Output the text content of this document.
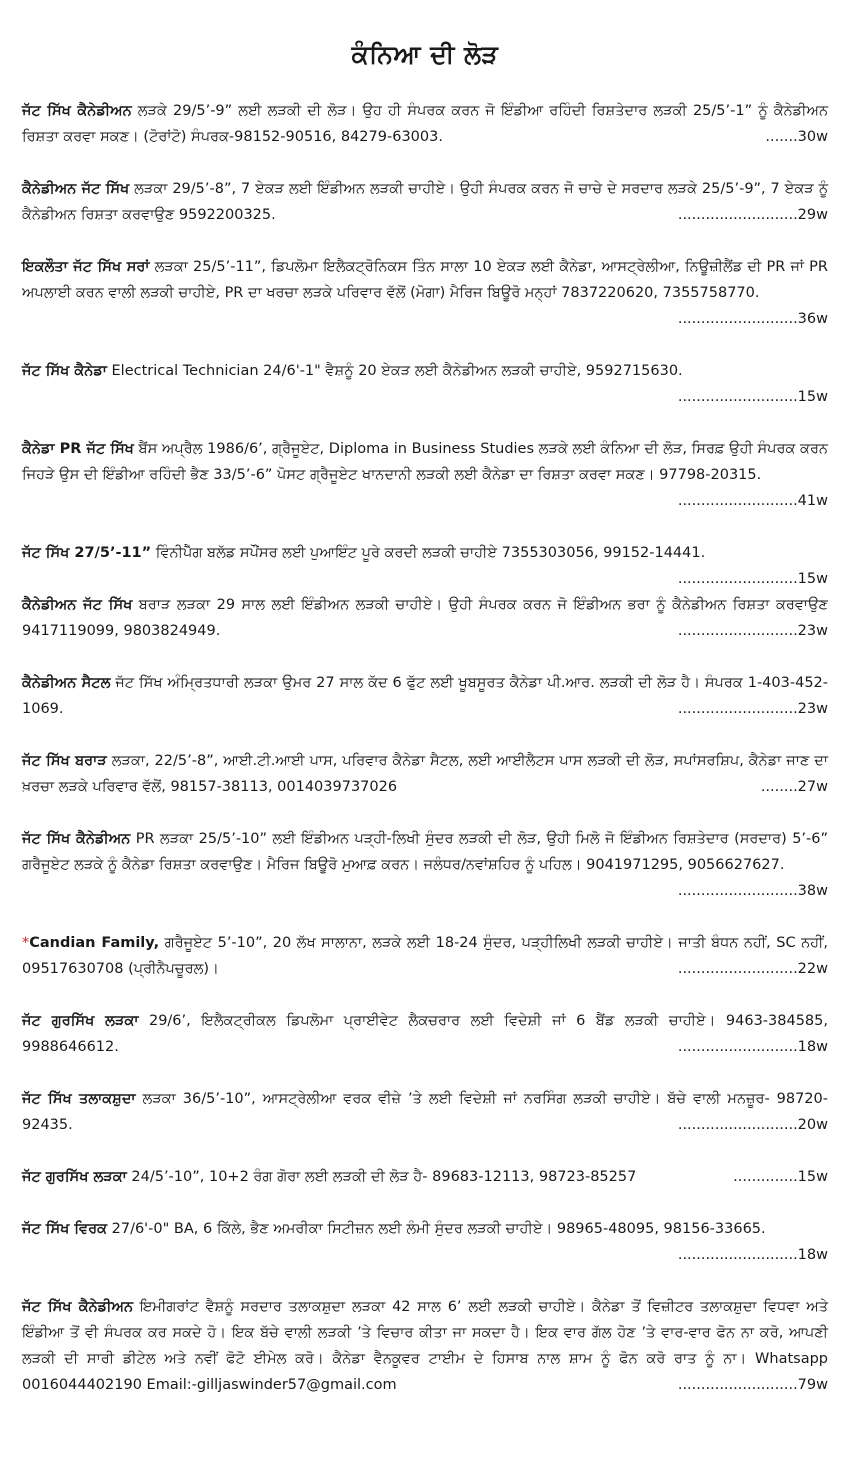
ਕੰਨਿਆ ਦੀ ਲੋੜ

ਜੱਟ ਸਿੱਖ ਕੈਨੇਡੀਅਨ ਲੜਕੇ 29/5’-9” ਲਈ ਲੜਕੀ ਦੀ ਲੋੜ। ਉਹ ਹੀ ਸੰਪਰਕ ਕਰਨ ਜੋ ਇੰਡੀਆ ਰਹਿੰਦੀ ਰਿਸ਼ਤੇਦਾਰ ਲੜਕੀ 25/5’-1” ਨੂੰ ਕੈਨੇਡੀਅਨ ਰਿਸ਼ਤਾ ਕਰਵਾ ਸਕਣ। (ਟੋਰਾਂਟੋ) ਸੰਪਰਕ-98152-90516, 84279-63003.	.......30w

ਕੈਨੇਡੀਅਨ ਜੱਟ ਸਿੱਖ ਲੜਕਾ 29/5’-8”, 7 ਏਕੜ ਲਈ ਇੰਡੀਅਨ ਲੜਕੀ ਚਾਹੀਏ। ਉਹੀ ਸੰਪਰਕ ਕਰਨ ਜੋ ਚਾਚੇ ਦੇ ਸਰਦਾਰ ਲੜਕੇ 25/5’-9”, 7 ਏਕੜ ਨੂੰ ਕੈਨੇਡੀਅਨ ਰਿਸ਼ਤਾ ਕਰਵਾਉਣ 9592200325.	..........................29w

ਇਕਲੌਤਾ ਜੱਟ ਸਿੱਖ ਸਰਾਂ ਲੜਕਾ 25/5’-11”, ਡਿਪਲੋਮਾ ਇਲੈਕਟ੍ਰੋਨਿਕਸ ਤਿੰਨ ਸਾਲਾ 10 ਏਕੜ ਲਈ ਕੈਨੇਡਾ, ਆਸਟ੍ਰੇਲੀਆ, ਨਿਊਜ਼ੀਲੈਂਡ ਦੀ PR ਜਾਂ PR ਅਪਲਾਈ ਕਰਨ ਵਾਲੀ ਲੜਕੀ ਚਾਹੀਏ, PR ਦਾ ਖਰਚਾ ਲੜਕੇ ਪਰਿਵਾਰ ਵੱਲੋਂ (ਮੋਗਾ) ਮੈਰਿਜ ਬਿਊਰੋ ਮਨ੍ਹਾਂ 7837220620, 7355758770.
..........................36w

ਜੱਟ ਸਿੱਖ ਕੈਨੇਡਾ Electrical Technician 24/6'-1" ਵੈਸ਼ਨੂੰ 20 ਏਕੜ ਲਈ ਕੈਨੇਡੀਅਨ ਲੜਕੀ ਚਾਹੀਏ, 9592715630.
..........................15w

ਕੈਨੇਡਾ PR ਜੱਟ ਸਿੱਖ ਬੈਂਸ ਅਪ੍ਰੈਲ 1986/6’, ਗ੍ਰੈਜੂਏਟ, Diploma in Business Studies ਲੜਕੇ ਲਈ ਕੰਨਿਆ ਦੀ ਲੋੜ, ਸਿਰਫ਼ ਉਹੀ ਸੰਪਰਕ ਕਰਨ ਜਿਹੜੇ ਉਸ ਦੀ ਇੰਡੀਆ ਰਹਿੰਦੀ ਭੈਣ 33/5’-6” ਪੋਸਟ ਗ੍ਰੈਜੂਏਟ ਖਾਨਦਾਨੀ ਲੜਕੀ ਲਈ ਕੈਨੇਡਾ ਦਾ ਰਿਸ਼ਤਾ ਕਰਵਾ ਸਕਣ। 97798-20315.
..........................41w

ਜੱਟ ਸਿੱਖ 27/5’-11” ਵਿੰਨੀਪੈੱਗ ਬਲੱਡ ਸਪੌਂਸਰ ਲਈ ਪੁਆਇੰਟ ਪੂਰੇ ਕਰਦੀ ਲੜਕੀ ਚਾਹੀਏ 7355303056, 99152-14441.
..........................15w

ਕੈਨੇਡੀਅਨ ਜੱਟ ਸਿੱਖ ਬਰਾੜ ਲੜਕਾ 29 ਸਾਲ ਲਈ ਇੰਡੀਅਨ ਲੜਕੀ ਚਾਹੀਏ। ਉਹੀ ਸੰਪਰਕ ਕਰਨ ਜੋ ਇੰਡੀਅਨ ਭਰਾ ਨੂੰ ਕੈਨੇਡੀਅਨ ਰਿਸ਼ਤਾ ਕਰਵਾਉਣ 9417119099, 9803824949.	..........................23w

ਕੈਨੇਡੀਅਨ ਸੈਟਲ ਜੱਟ ਸਿੱਖ ਅੰਮ੍ਰਿਤਧਾਰੀ ਲੜਕਾ ਉਮਰ 27 ਸਾਲ ਕੱਦ 6 ਫੁੱਟ ਲਈ ਖੂਬਸੂਰਤ ਕੈਨੇਡਾ ਪੀ.ਆਰ. ਲੜਕੀ ਦੀ ਲੋੜ ਹੈ। ਸੰਪਰਕ 1-403-452-1069.	..........................23w

ਜੱਟ ਸਿੱਖ ਬਰਾੜ ਲੜਕਾ, 22/5’-8”, ਆਈ.ਟੀ.ਆਈ ਪਾਸ, ਪਰਿਵਾਰ ਕੈਨੇਡਾ ਸੈਟਲ, ਲਈ ਆਈਲੈਟਸ ਪਾਸ ਲੜਕੀ ਦੀ ਲੋੜ, ਸਪਾਂਸਰਸ਼ਿਪ, ਕੈਨੇਡਾ ਜਾਣ ਦਾ ਖ਼ਰਚਾ ਲੜਕੇ ਪਰਿਵਾਰ ਵੱਲੋਂ, 98157-38113, 0014039737026	........27w

ਜੱਟ ਸਿੱਖ ਕੈਨੇਡੀਅਨ PR ਲੜਕਾ 25/5’-10” ਲਈ ਇੰਡੀਅਨ ਪੜ੍ਹੀ-ਲਿਖੀ ਸੁੰਦਰ ਲੜਕੀ ਦੀ ਲੋੜ, ਉਹੀ ਮਿਲੋ ਜੋ ਇੰਡੀਅਨ ਰਿਸ਼ਤੇਦਾਰ (ਸਰਦਾਰ) 5’-6” ਗਰੈਜੂਏਟ ਲੜਕੇ ਨੂੰ ਕੈਨੇਡਾ ਰਿਸ਼ਤਾ ਕਰਵਾਉਣ। ਮੈਰਿਜ ਬਿਊਰੋ ਮੁਆਫ਼ ਕਰਨ। ਜਲੰਧਰ/ਨਵਾਂਸ਼ਹਿਰ ਨੂੰ ਪਹਿਲ। 9041971295, 9056627627.
..........................38w

*Candian Family, ਗਰੈਜੂਏਟ 5’-10”, 20 ਲੱਖ ਸਾਲਾਨਾ, ਲੜਕੇ ਲਈ 18-24 ਸੁੰਦਰ, ਪੜ੍ਹੀਲਿਖੀ ਲੜਕੀ ਚਾਹੀਏ। ਜਾਤੀ ਬੰਧਨ ਨਹੀਂ, SC ਨਹੀਂ, 09517630708 (ਪ੍ਰੀਨੈਪਚੂਰਲ)।	..........................22w

ਜੱਟ ਗੁਰਸਿੱਖ ਲੜਕਾ 29/6’, ਇਲੈਕਟ੍ਰੀਕਲ ਡਿਪਲੋਮਾ ਪ੍ਰਾਈਵੇਟ ਲੈਕਚਰਾਰ ਲਈ ਵਿਦੇਸ਼ੀ ਜਾਂ 6 ਬੈਂਡ ਲੜਕੀ ਚਾਹੀਏ। 9463-384585, 9988646612.	..........................18w

ਜੱਟ ਸਿੱਖ ਤਲਾਕਸ਼ੁਦਾ ਲੜਕਾ 36/5’-10”, ਆਸਟ੍ਰੇਲੀਆ ਵਰਕ ਵੀਜ਼ੇ ’ਤੇ ਲਈ ਵਿਦੇਸ਼ੀ ਜਾਂ ਨਰਸਿੰਗ ਲੜਕੀ ਚਾਹੀਏ। ਬੱਚੇ ਵਾਲੀ ਮਨਜ਼ੂਰ- 98720-92435.	..........................20w

ਜੱਟ ਗੁਰਸਿੱਖ ਲੜਕਾ 24/5’-10”, 10+2 ਰੰਗ ਗੋਰਾ ਲਈ ਲੜਕੀ ਦੀ ਲੋੜ ਹੈ- 89683-12113, 98723-85257	..............15w

ਜੱਟ ਸਿੱਖ ਵਿਰਕ 27/6'-0" BA, 6 ਕਿੱਲੇ, ਭੈਣ ਅਮਰੀਕਾ ਸਿਟੀਜ਼ਨ ਲਈ ਲੰਮੀ ਸੁੰਦਰ ਲੜਕੀ ਚਾਹੀਏ। 98965-48095, 98156-33665.
..........................18w

ਜੱਟ ਸਿੱਖ ਕੈਨੇਡੀਅਨ ਇਮੀਗਰਾਂਟ ਵੈਸ਼ਨੂੰ ਸਰਦਾਰ ਤਲਾਕਸ਼ੁਦਾ ਲੜਕਾ 42 ਸਾਲ 6’ ਲਈ ਲੜਕੀ ਚਾਹੀਏ। ਕੈਨੇਡਾ ਤੋਂ ਵਿਜ਼ੀਟਰ ਤਲਾਕਸ਼ੁਦਾ ਵਿਧਵਾ ਅਤੇ ਇੰਡੀਆ ਤੋਂ ਵੀ ਸੰਪਰਕ ਕਰ ਸਕਦੇ ਹੋ। ਇਕ ਬੱਚੇ ਵਾਲੀ ਲੜਕੀ ’ਤੇ ਵਿਚਾਰ ਕੀਤਾ ਜਾ ਸਕਦਾ ਹੈ। ਇਕ ਵਾਰ ਗੱਲ ਹੋਣ ’ਤੇ ਵਾਰ-ਵਾਰ ਫੋਨ ਨਾ ਕਰੋ, ਆਪਣੀ ਲੜਕੀ ਦੀ ਸਾਰੀ ਡੀਟੇਲ ਅਤੇ ਨਵੀਂ ਫੋਟੋ ਈਮੇਲ ਕਰੋ। ਕੈਨੇਡਾ ਵੈਨਕੂਵਰ ਟਾਈਮ ਦੇ ਹਿਸਾਬ ਨਾਲ ਸ਼ਾਮ ਨੂੰ ਫੋਨ ਕਰੋ ਰਾਤ ਨੂੰ ਨਾ। Whatsapp 0016044402190 Email:-gilljaswinder57@gmail.com	..........................79w
